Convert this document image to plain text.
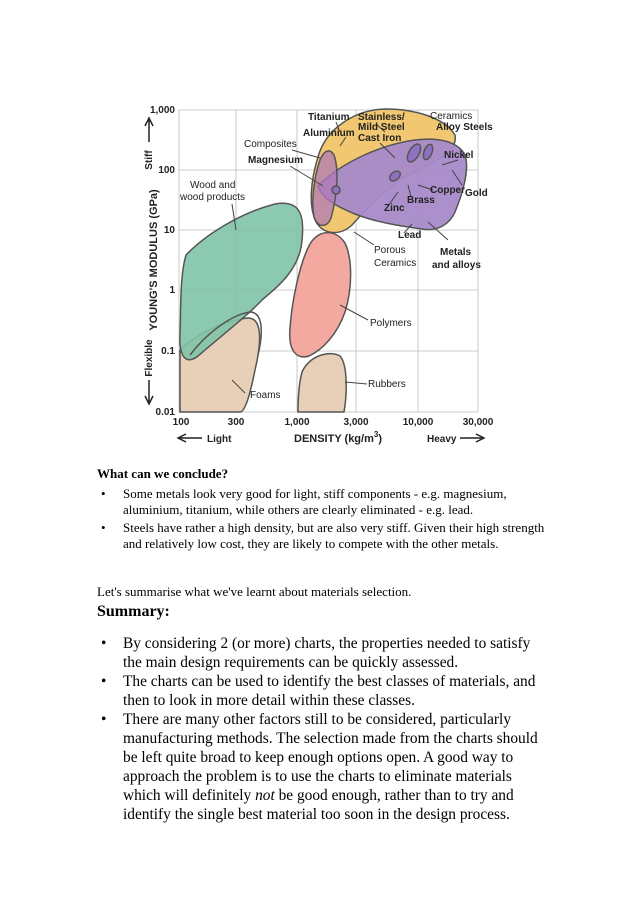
1,000
100
10
1
0.1
0.01
100	300	1,000	3,000	10,000	30,000
YOUNG'S MODULUS (GPa)
Stiff
Flexible
DENSITY $(kg/m^3)$
Light	Heavy
Titanium Stainless/
Mild Steel
Ceramics
Alloy Steels
Aluminium Cast Iron
Composites
Magnesium	Nickel
Wood and
wood products
Copper Gold
Brass
Zinc
Lead
Porous
Ceramics
Metals
and alloys
Polymers
Rubbers
Foams
What can we conclude?
• Some metals look very good for light, stiff components - e.g. magnesium, aluminium, titanium, while others are clearly eliminated - e.g. lead.
• Steels have rather a high density, but are also very stiff. Given their high strength and relatively low cost, they are likely to compete with the other metals.
Let's summarise what we've learnt about materials selection.
Summary:
• By considering 2 (or more) charts, the properties needed to satisfy the main design requirements can be quickly assessed.
• The charts can be used to identify the best classes of materials, and then to look in more detail within these classes.
• There are many other factors still to be considered, particularly manufacturing methods. The selection made from the charts should be left quite broad to keep enough options open. A good way to approach the problem is to use the charts to eliminate materials which will definitely not be good enough, rather than to try and identify the single best material too soon in the design process.
